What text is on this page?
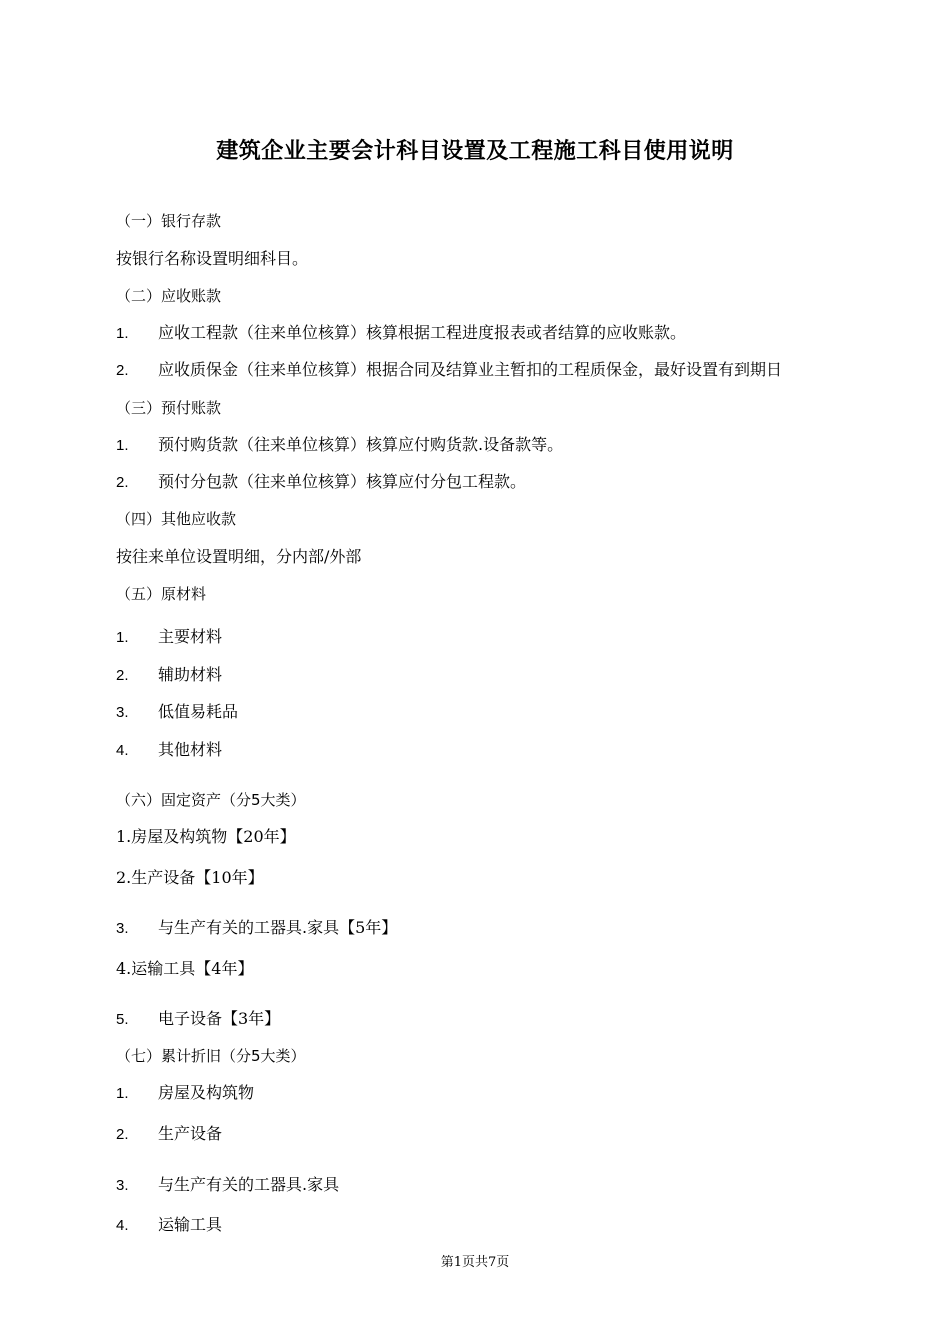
建筑企业主要会计科目设置及工程施工科目使用说明
（一）银行存款
按银行名称设置明细科目。
（二）应收账款
1. 应收工程款（往来单位核算）核算根据工程进度报表或者结算的应收账款。
2. 应收质保金（往来单位核算）根据合同及结算业主暂扣的工程质保金，最好设置有到期日
（三）预付账款
1. 预付购货款（往来单位核算）核算应付购货款.设备款等。
2. 预付分包款（往来单位核算）核算应付分包工程款。
（四）其他应收款
按往来单位设置明细，分内部/外部
（五）原材料
1. 主要材料
2. 辅助材料
3. 低值易耗品
4. 其他材料
（六）固定资产（分5大类）
1.房屋及构筑物【20年】
2.生产设备【10年】
3. 与生产有关的工器具.家具【5年】
4.运输工具【4年】
5. 电子设备【3年】
（七）累计折旧（分5大类）
1. 房屋及构筑物
2. 生产设备
3. 与生产有关的工器具.家具
4. 运输工具
第1页共7页
